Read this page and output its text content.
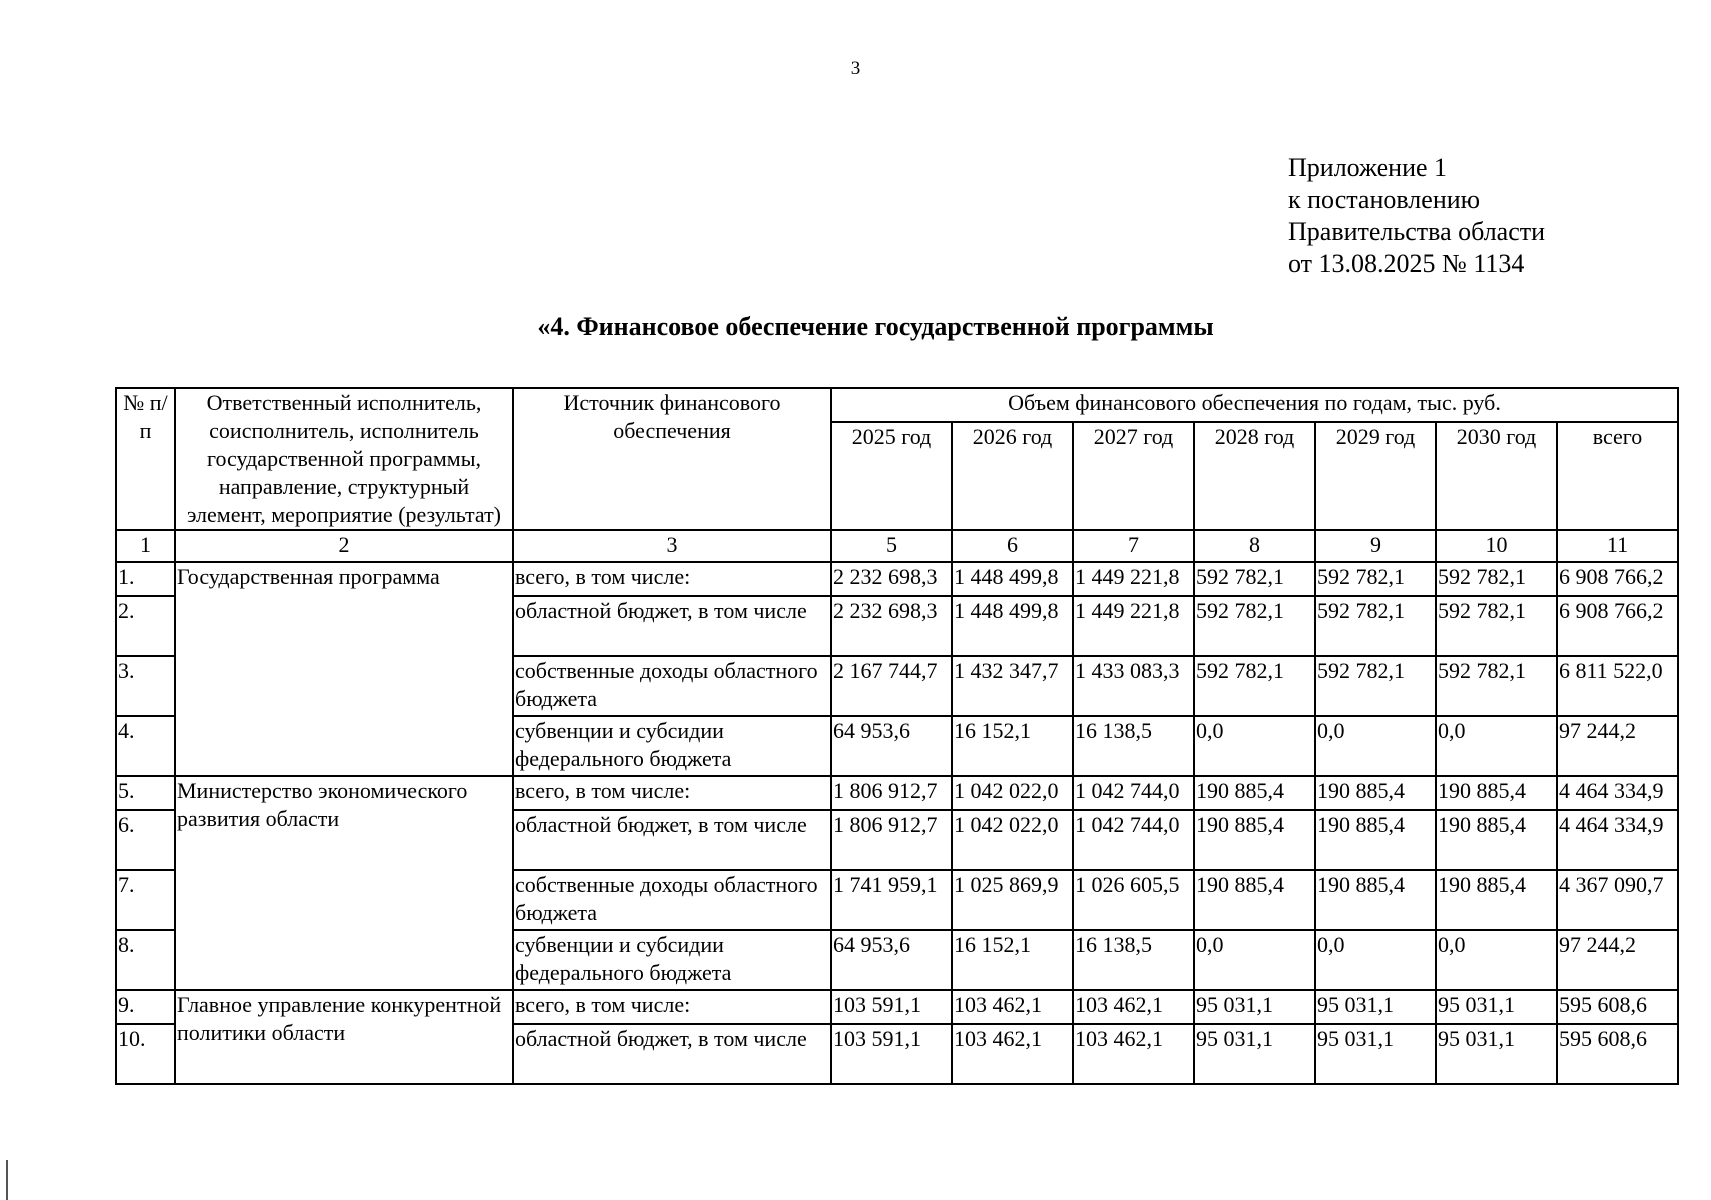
3
Приложение 1
к постановлению
Правительства области
от 13.08.2025 № 1134
«4. Финансовое обеспечение государственной программы
№ п/п	Ответственный исполнитель, соисполнитель, исполнитель государственной программы, направление, структурный элемент, мероприятие (результат)	Источник финансового обеспечения	Объем финансового обеспечения по годам, тыс. руб.						
			2025 год	2026 год	2027 год	2028 год	2029 год	2030 год	всего
1	2	3	5	6	7	8	9	10	11
1.	Государственная программа	всего, в том числе:	2 232 698,3	1 448 499,8	1 449 221,8	592 782,1	592 782,1	592 782,1	6 908 766,2
2.		областной бюджет, в том числе	2 232 698,3	1 448 499,8	1 449 221,8	592 782,1	592 782,1	592 782,1	6 908 766,2
3.		собственные доходы областного бюджета	2 167 744,7	1 432 347,7	1 433 083,3	592 782,1	592 782,1	592 782,1	6 811 522,0
4.		субвенции и субсидии федерального бюджета	64 953,6	16 152,1	16 138,5	0,0	0,0	0,0	97 244,2
5.	Министерство экономического развития области	всего, в том числе:	1 806 912,7	1 042 022,0	1 042 744,0	190 885,4	190 885,4	190 885,4	4 464 334,9
6.		областной бюджет, в том числе	1 806 912,7	1 042 022,0	1 042 744,0	190 885,4	190 885,4	190 885,4	4 464 334,9
7.		собственные доходы областного бюджета	1 741 959,1	1 025 869,9	1 026 605,5	190 885,4	190 885,4	190 885,4	4 367 090,7
8.		субвенции и субсидии федерального бюджета	64 953,6	16 152,1	16 138,5	0,0	0,0	0,0	97 244,2
9.	Главное управление конкурентной политики области	всего, в том числе:	103 591,1	103 462,1	103 462,1	95 031,1	95 031,1	95 031,1	595 608,6
10.		областной бюджет, в том числе	103 591,1	103 462,1	103 462,1	95 031,1	95 031,1	95 031,1	595 608,6
